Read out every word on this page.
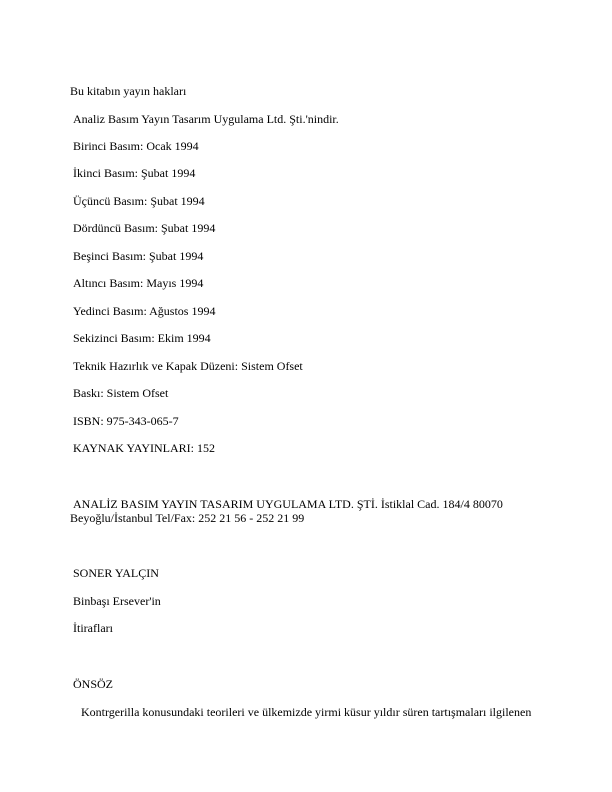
Bu kitabın yayın hakları
Analiz Basım Yayın Tasarım Uygulama Ltd. Şti.'nindir.
Birinci Basım: Ocak 1994
İkinci Basım: Şubat 1994
Üçüncü Basım: Şubat 1994
Dördüncü Basım: Şubat 1994
Beşinci Basım: Şubat 1994
Altıncı Basım: Mayıs 1994
Yedinci Basım: Ağustos 1994
Sekizinci Basım: Ekim 1994
Teknik Hazırlık ve Kapak Düzeni: Sistem Ofset
Baskı: Sistem Ofset
ISBN: 975-343-065-7
KAYNAK YAYINLARI: 152
ANALİZ BASIM YAYIN TASARIM UYGULAMA LTD. ŞTİ. İstiklal Cad. 184/4 80070
Beyoğlu/İstanbul Tel/Fax: 252 21 56 - 252 21 99
SONER YALÇIN
Binbaşı Ersever'in
İtirafları
ÖNSÖZ
Kontrgerilla konusundaki teorileri ve ülkemizde yirmi küsur yıldır süren tartışmaları ilgilenen
